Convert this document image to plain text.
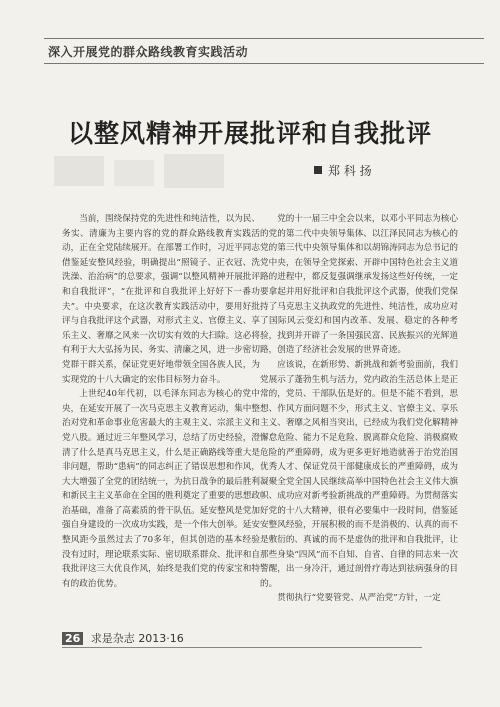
深入开展党的群众路线教育实践活动
以整风精神开展批评和自我批评
郑 科 扬

当前，围绕保持党的先进性和纯洁性，以为民、务实、清廉为主要内容的党的群众路线教育实践活动，正在全党陆续展开。在部署工作时，习近平同志借鉴延安整风经验，明确提出“照镜子、正衣冠、洗洗澡、治治病”的总要求，强调“以整风精神开展批评和自我批评”，“在批评和自我批评上好好下一番功夫”。中央要求，在这次教育实践活动中，要用好批评与自我批评这个武器，对形式主义、官僚主义、享乐主义、奢靡之风来一次切实有效的大扫除。这必将有利于大大弘扬为民、务实、清廉之风，进一步密切党群干群关系，保证党更好地带领全国各族人民，为实现党的十八大确定的宏伟目标努力奋斗。

上世纪40年代初，以毛泽东同志为核心的党中央，在延安开展了一次马克思主义教育运动，集中整治对党和革命事业危害最大的主观主义、宗派主义和党八股。通过近三年整风学习，总结了历史经验，澄清了什么是真马克思主义，什么是正确路线等重大是非问题，帮助“患病”的同志纠正了错误思想和作风，大大增强了全党的团结统一，为抗日战争的最后胜利和新民主主义革命在全国的胜利奠定了重要的思想政治基础，准备了高素质的骨干队伍。延安整风是党加强自身建设的一次成功实践，是一个伟大创举。延安整风距今虽然过去了70多年，但其创造的基本经验没有过时，理论联系实际、密切联系群众、批评和自我批评这三大优良作风，始终是我们党的传家宝和特有的政治优势。

党的十一届三中全会以来，以邓小平同志为核心的党的第二代中央领导集体、以江泽民同志为核心的党的第三代中央领导集体和以胡锦涛同志为总书记的党中央，在领导全党探索、开辟中国特色社会主义道路的进程中，都反复强调继承发扬这些好传统，一定要拿起并用好批评和自我批评这个武器，使我们党保持了马克思主义执政党的先进性、纯洁性，成功应对了国际风云变幻和国内改革、发展、稳定的各种考验，找到并开辟了一条国强民富、民族振兴的光辉道路，创造了经济社会发展的世界奇迹。

应该说，在新形势、新挑战和新考验面前，我们党展示了蓬勃生机与活力，党内政治生活总体上是正常的，党员、干部队伍是好的。但是不能不看到，思想、作风方面问题不少，形式主义、官僚主义、享乐主义、奢靡之风相当突出，已经成为我们党化解精神懈怠危险、能力不足危险、脱离群众危险、消极腐败危险的严重障碍，成为更多更好地造就善于治党治国优秀人才、保证党员干部健康成长的严重障碍，成为凝聚全党全国人民继续高举中国特色社会主义伟大旗帜、成功应对新考验新挑战的严重障碍。为贯彻落实好党的十八大精神，很有必要集中一段时间，借鉴延安整风经验，开展积极的而不是消极的、认真的而不是敷衍的、真诚的而不是虚伪的批评和自我批评，让那些身染“四风”而不自知、自省、自律的同志来一次警醒，出一身冷汗，通过剖骨疗毒达到祛病强身的目的。

贯彻执行“党要管党、从严治党”方针，一定

26 求是杂志 2013·16
